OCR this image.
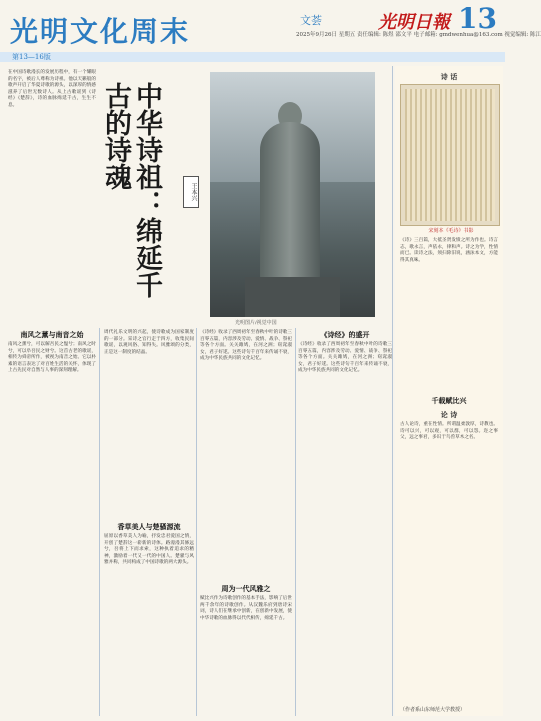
光明文化周末	文荟	光明日報 13
2025年9月26日 星期五 责任编辑: 陈煜 邵文平 电子邮箱: gmdwenhua@163.com 视觉编辑: 陈江
第13—16版
在中国诗歌漫长的发展历程中，有一个耀眼的名字，被后人尊称为诗祖。他以天籁般的歌声开启了华夏诗歌的源头，以深厚的情感滋养了后世无数诗人。从上古歌谣到《诗经》《楚辞》，诗的血脉绵延千古，生生不息。	中华诗祖：绵延千古的诗魂
王本兴
光明图片/视觉中国
南风之薰与南音之始
南风之薰兮，可以解吾民之愠兮；南风之时兮，可以阜吾民之财兮。这首古老的歌谣，相传为舜帝所作，被视为南音之始。它以朴素的语言表达了对百姓生活的关怀，体现了上古先民对自然与人事的深刻理解。
周代礼乐文明的兴起，使诗歌成为国家制度的一部分。采诗之官行走于四方，收集民间歌谣，以观风俗、知得失。风雅颂的分类，正是这一制度的结晶。
香草美人与楚骚源流
屈原以香草美人为喻，抒发忠君爱国之情，开创了楚辞这一崭新的诗体。路漫漫其修远兮，吾将上下而求索，这种执着追求的精神，激励着一代又一代的中国人。楚骚与风雅并称，共同构成了中国诗歌的两大源头。
《诗经》收录了西周初年至春秋中叶的诗歌三百零五篇，内容涉及劳动、爱情、战争、祭祀等各个方面。关关雎鸠，在河之洲；窈窕淑女，君子好逑。这些诗句千百年来传诵不衰，成为中华民族共同的文化记忆。
周为一代风雅之
赋比兴作为诗歌创作的基本手法，影响了后世两千余年的诗歌创作。从汉魏乐府到唐诗宋词，诗人们在继承中创新，在创新中发展，使中华诗歌的血脉得以代代相传，绵延千古。
《诗经》的盛开
《诗经》收录了西周初年至春秋中叶的诗歌三百零五篇，内容涉及劳动、爱情、战争、祭祀等各个方面。关关雎鸠，在河之洲；窈窕淑女，君子好逑。这些诗句千百年来传诵不衰，成为中华民族共同的文化记忆。
诗 话
宋刻本《毛诗》书影
《诗》三百篇，大抵圣贤发愤之所为作也。诗言志，歌永言，声依永，律和声。诗之为学，性情而已。读诗之法，须扫除旧说，涵泳本文，方能得其真味。
千载赋比兴
论 诗
古人论诗，重在性情。所谓温柔敦厚，诗教也。诗可以兴，可以观，可以群，可以怨。迩之事父，远之事君，多识于鸟兽草木之名。
（作者系山东师范大学教授）
